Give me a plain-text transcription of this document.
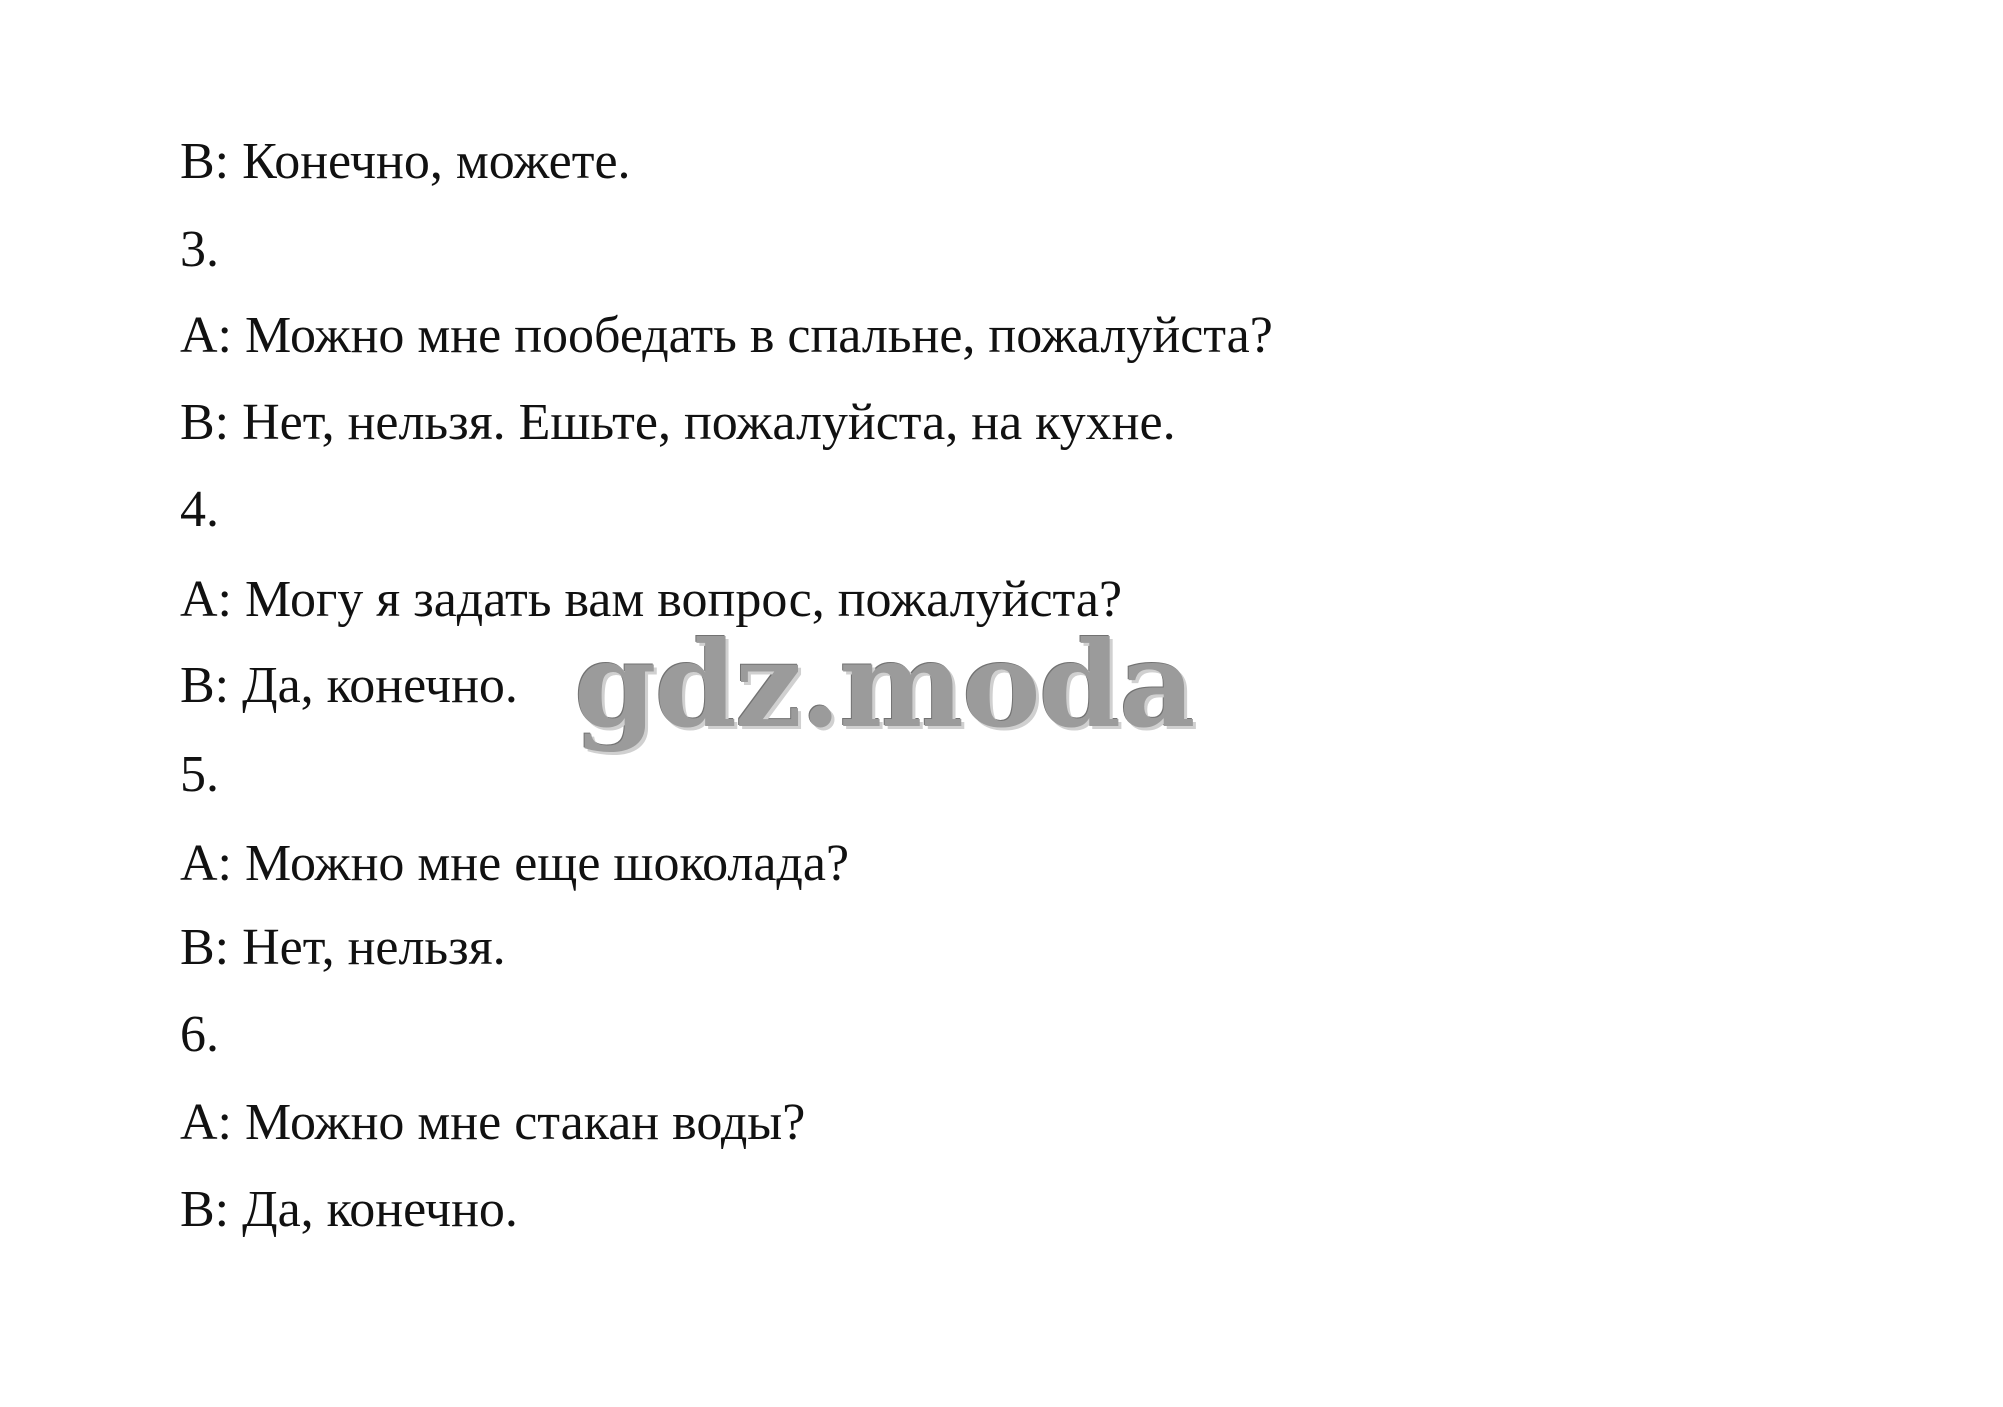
B: Конечно, можете.
3.
A: Можно мне пообедать в спальне, пожалуйста?
B: Нет, нельзя. Ешьте, пожалуйста, на кухне.
4.
A: Могу я задать вам вопрос, пожалуйста?
B: Да, конечно.
5.
A: Можно мне еще шоколада?
B: Нет, нельзя.
6.
A: Можно мне стакан воды?
B: Да, конечно.
gdz.moda
